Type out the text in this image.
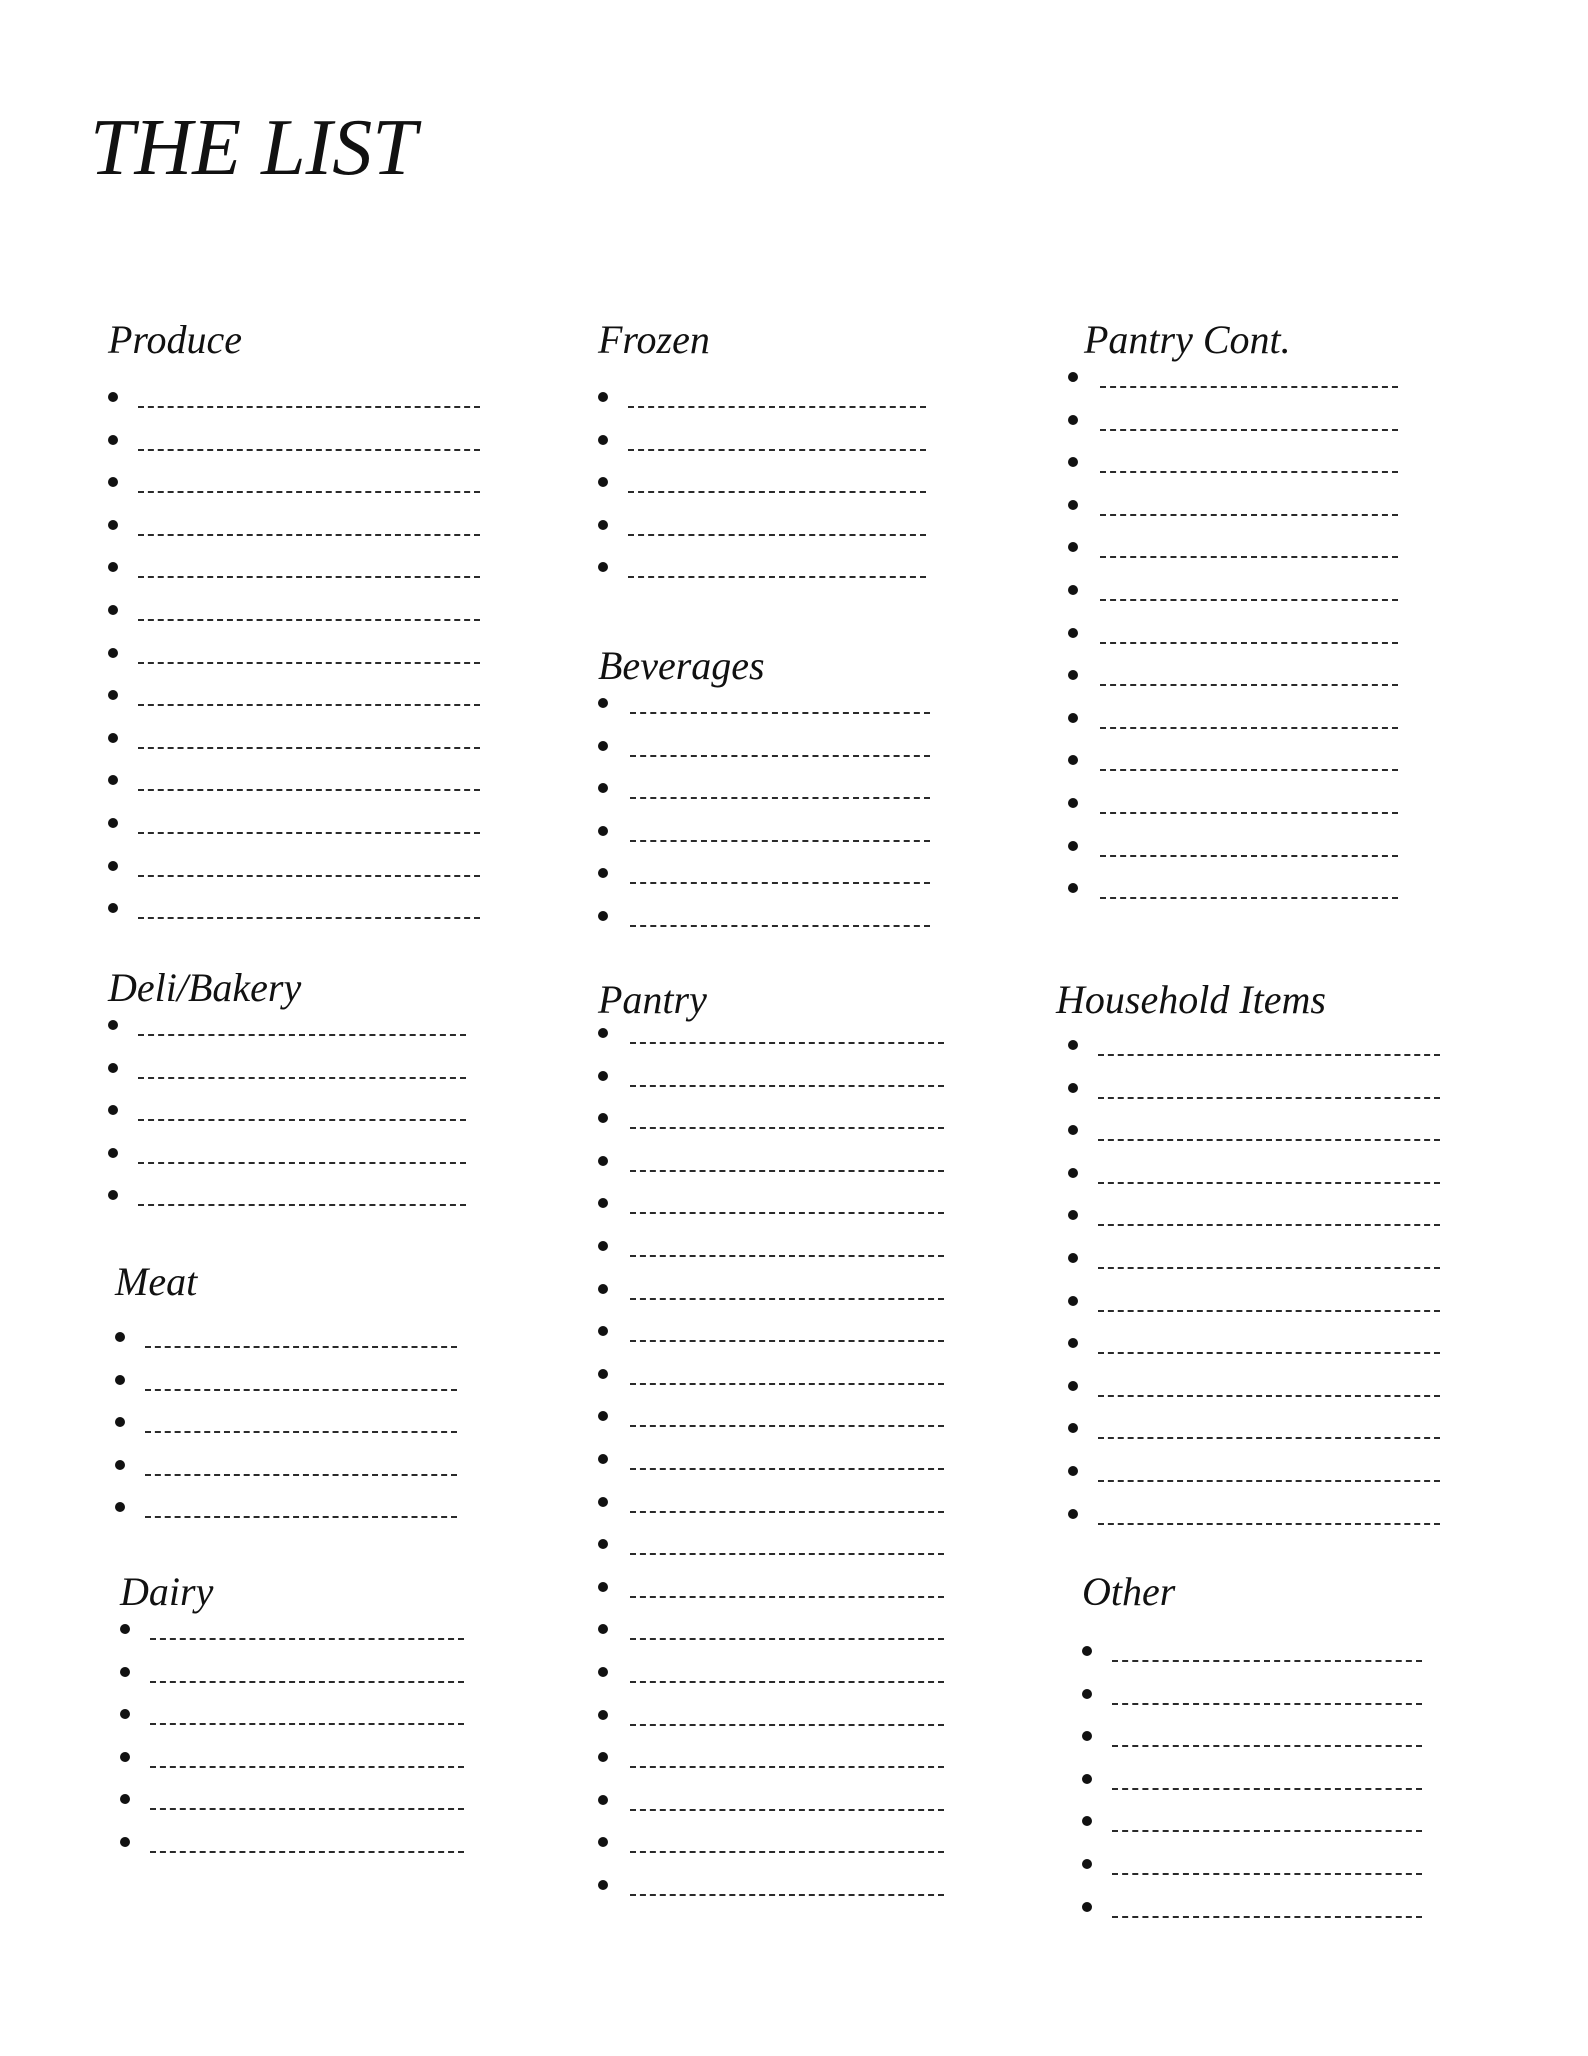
THE LIST
Produce
Deli/Bakery
Meat
Dairy
Frozen
Beverages
Pantry
Pantry Cont.
Household Items
Other
